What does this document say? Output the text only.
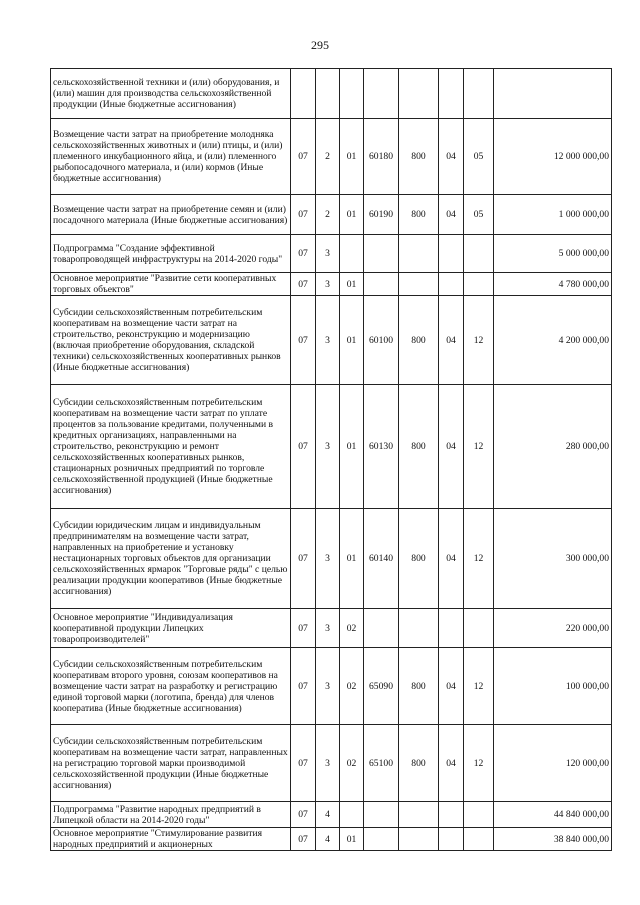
295
сельскохозяйственной техники и (или) оборудования, и (или) машин для производства сельскохозяйственной продукции (Иные бюджетные ассигнования)								
Возмещение части затрат на приобретение молодняка сельскохозяйственных животных и (или) птицы, и (или) племенного инкубационного яйца, и (или) племенного рыбопосадочного материала, и (или) кормов (Иные бюджетные ассигнования)	07	2	01	60180	800	04	05	12 000 000,00
Возмещение части затрат на приобретение семян и (или) посадочного материала (Иные бюджетные ассигнования)	07	2	01	60190	800	04	05	1 000 000,00
Подпрограмма "Создание эффективной товаропроводящей инфраструктуры на 2014-2020 годы"	07	3						5 000 000,00
Основное мероприятие "Развитие сети кооперативных торговых объектов"	07	3	01					4 780 000,00
Субсидии сельскохозяйственным потребительским кооперативам на возмещение части затрат на строительство, реконструкцию и модернизацию (включая приобретение оборудования, складской техники) сельскохозяйственных кооперативных рынков (Иные бюджетные ассигнования)	07	3	01	60100	800	04	12	4 200 000,00
Субсидии сельскохозяйственным потребительским кооперативам на возмещение части затрат по уплате процентов за пользование кредитами, полученными в кредитных организациях, направленными на строительство, реконструкцию и ремонт сельскохозяйственных кооперативных рынков, стационарных розничных предприятий по торговле сельскохозяйственной продукцией (Иные бюджетные ассигнования)	07	3	01	60130	800	04	12	280 000,00
Субсидии юридическим лицам и индивидуальным предпринимателям на возмещение части затрат, направленных на приобретение и установку нестационарных торговых объектов для организации сельскохозяйственных ярмарок "Торговые ряды" с целью реализации продукции кооперативов (Иные бюджетные ассигнования)	07	3	01	60140	800	04	12	300 000,00
Основное мероприятие "Индивидуализация кооперативной продукции Липецких товаропроизводителей"	07	3	02					220 000,00
Субсидии сельскохозяйственным потребительским кооперативам второго уровня, союзам кооперативов на возмещение части затрат на разработку и регистрацию единой торговой марки (логотипа, бренда) для членов кооператива (Иные бюджетные ассигнования)	07	3	02	65090	800	04	12	100 000,00
Субсидии сельскохозяйственным потребительским кооперативам на возмещение части затрат, направленных на регистрацию торговой марки производимой сельскохозяйственной продукции (Иные бюджетные ассигнования)	07	3	02	65100	800	04	12	120 000,00
Подпрограмма "Развитие народных предприятий в Липецкой области на 2014-2020 годы"	07	4						44 840 000,00
Основное мероприятие "Стимулирование развития народных предприятий и акционерных	07	4	01					38 840 000,00
